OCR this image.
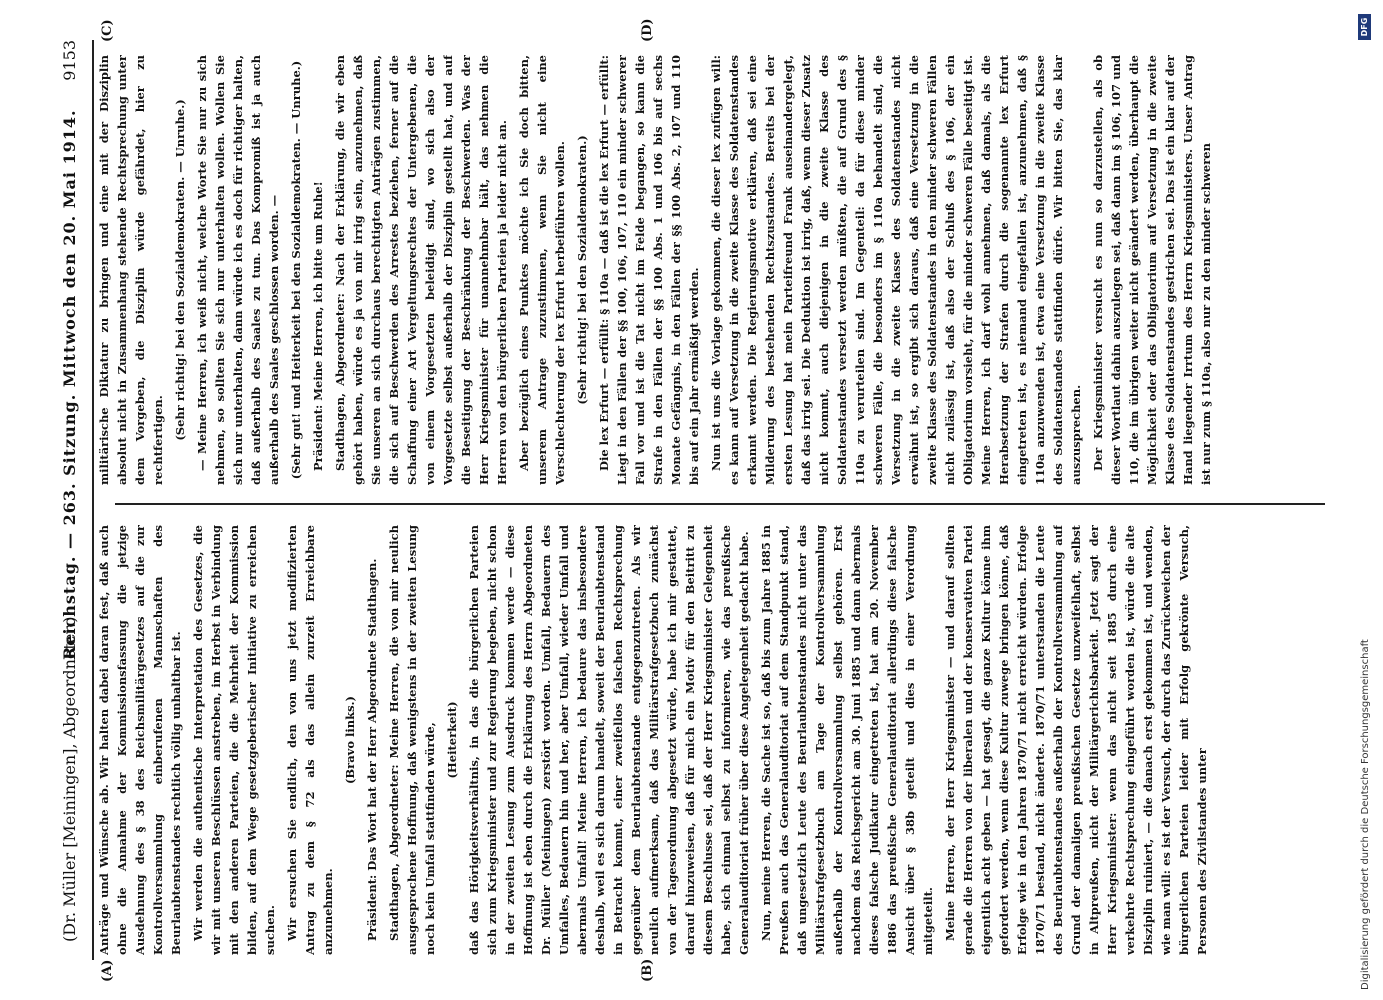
(Dr. Müller [Meiningen], Abgeordneter.)
Reichstag. — 263. Sitzung. Mittwoch den 20. Mai 1914.
9153
(A)	(B)
(C)	(D)

Anträge und Wünsche ab. Wir halten dabei daran fest, daß auch ohne die Annahme der Kommissionsfassung die jetzige Ausdehnung des § 38 des Reichsmilitärgesetzes auf die zur Kontrollversammlung einberufenen Mannschaften des Beurlaubtenstandes rechtlich völlig unhaltbar ist. Wir werden die authentische Interpretation des Gesetzes, die wir mit unseren Beschlüssen anstreben, im Herbst in Verbindung mit den anderen Parteien, die die Mehrheit der Kommission bilden, auf dem Wege gesetzgeberischer Initiative zu erreichen suchen. Wir ersuchen Sie endlich, den von uns jetzt modifizierten Antrag zu dem § 72 als das allein zurzeit Erreichbare anzunehmen.

(Bravo links.) Präsident: Das Wort hat der Herr Abgeordnete Stadthagen. Stadthagen, Abgeordneter: Meine Herren, die von mir neulich ausgesprochene Hoffnung, daß wenigstens in der zweiten Lesung noch kein Umfall stattfinden würde, (Heiterkeit) daß das Hörigkeitsverhältnis, in das die bürgerlichen Parteien sich zum Kriegsminister und zur Regierung begeben, nicht schon in der zweiten Lesung zum Ausdruck kommen werde — diese Hoffnung ist eben durch die Erklärung des Herrn Abgeordneten Dr. Müller (Meiningen) zerstört worden. Umfall, Bedauern des Umfalles, Bedauern hin und her, aber Umfall, wieder Umfall und abermals Umfall! Meine Herren, ich bedaure das insbesondere deshalb, weil es sich darum handelt, soweit der Beurlaubtenstand in Betracht kommt, einer zweifellos falschen Rechtsprechung gegenüber dem Beurlaubtenstande entgegenzutreten. Als wir neulich aufmerksam, daß das Militärstrafgesetzbuch zunächst von der Tagesordnung abgesetzt würde, habe ich mir gestattet, darauf hinzuweisen, daß für mich ein Motiv für den Beitritt zu diesem Beschlusse sei, daß der Herr Kriegsminister Gelegenheit habe, sich einmal selbst zu informieren, wie das preußische Generalauditoriat früher über diese Angelegenheit gedacht habe. Nun, meine Herren, die Sache ist so, daß bis zum Jahre 1885 in Preußen auch das Generalauditoriat auf dem Standpunkt stand, daß ungesetzlich Leute des Beurlaubtenstandes nicht unter das Militärstrafgesetzbuch am Tage der Kontrollversammlung außerhalb der Kontrollversammlung selbst gehören. Erst nachdem das Reichsgericht am 30. Juni 1885 und dann abermals dieses falsche Judikatur eingetreten ist, hat am 20. November 1886 das preußische Generalauditoriat allerdings diese falsche Ansicht über § 38b geteilt und dies in einer Verordnung mitgeteilt. Meine Herren, der Herr Kriegsminister — und darauf sollten gerade die Herren von der liberalen und der konservativen Partei eigentlich acht geben — hat gesagt, die ganze Kultur könne ihm gefordert werden, wenn diese Kultur zuwege bringen könne, daß Erfolge wie in den Jahren 1870/71 nicht erreicht würden. Erfolge 1870/71 bestand, nicht änderte. 1870/71 unterstanden die Leute des Beurlaubtenstandes außerhalb der Kontrollversammlung auf Grund der damaligen preußischen Gesetze unzweifelhaft, selbst in Altpreußen, nicht der Militärgerichtsbarkeit. Jetzt sagt der Herr Kriegsminister: wenn das nicht seit 1885 durch eine verkehrte Rechtsprechung eingeführt worden ist, würde die alte Disziplin ruiniert, — die danach erst gekommen ist, und wenden, wie man will: es ist der Versuch, der durch das Zurückweichen der bürgerlichen Parteien leider mit Erfolg gekrönte Versuch, Personen des Zivilstandes unter

militärische Diktatur zu bringen und eine mit der Disziplin absolut nicht in Zusammenhang stehende Rechtsprechung unter dem Vorgeben, die Disziplin würde gefährdet, hier zu rechtfertigen. (Sehr richtig! bei den Sozialdemokraten. — Unruhe.) — Meine Herren, ich weiß nicht, welche Worte Sie nur zu sich nehmen, so sollten Sie sich nur unterhalten wollen. Wollen Sie sich nur unterhalten, dann würde ich es doch für richtiger halten, daß außerhalb des Saales zu tun. Das Kompromiß ist ja auch außerhalb des Saales geschlossen worden. — (Sehr gut! und Heiterkeit bei den Sozialdemokraten. — Unruhe.) Präsident: Meine Herren, ich bitte um Ruhe! Stadthagen, Abgeordneter: Nach der Erklärung, die wir eben gehört haben, würde es ja von mir irrig sein, anzunehmen, daß Sie unseren an sich durchaus berechtigten Anträgen zustimmen, die sich auf Beschwerden des Arrestes beziehen, ferner auf die Schaffung einer Art Vergeltungsrechtes der Untergebenen, die von einem Vorgesetzten beleidigt sind, wo sich also der Vorgesetzte selbst außerhalb der Disziplin gestellt hat, und auf die Beseitigung der Beschränkung der Beschwerden. Was der Herr Kriegsminister für unannehmbar hält, das nehmen die Herren von den bürgerlichen Parteien ja leider nicht an. Aber bezüglich eines Punktes möchte ich Sie doch bitten, unserem Antrage zuzustimmen, wenn Sie nicht eine Verschlechterung der lex Erfurt herbeiführen wollen. (Sehr richtig! bei den Sozialdemokraten.) Die lex Erfurt — erfüllt: § 110a — daß ist die lex Erfurt — erfüllt: Liegt in den Fällen der §§ 100, 106, 107, 110 ein minder schwerer Fall vor und ist die Tat nicht im Felde begangen, so kann die Strafe in den Fällen der §§ 100 Abs. 1 und 106 bis auf sechs Monate Gefängnis, in den Fällen der §§ 100 Abs. 2, 107 und 110 bis auf ein Jahr ermäßigt werden. Nun ist uns die Vorlage gekommen, die dieser lex zufügen will: es kann auf Versetzung in die zweite Klasse des Soldatenstandes erkannt werden. Die Regierungsmotive erklären, daß sei eine Milderung des bestehenden Rechtszustandes. Bereits bei der ersten Lesung hat mein Parteifreund Frank auseinandergelegt, daß das irrig sei. Die Deduktion ist irrig, daß, wenn dieser Zusatz nicht kommt, auch diejenigen in die zweite Klasse des Soldatenstandes versetzt werden müßten, die auf Grund des § 110a zu verurteilen sind. Im Gegenteil: da für diese minder schweren Fälle, die besonders im § 110a behandelt sind, die Versetzung in die zweite Klasse des Soldatenstandes nicht erwähnt ist, so ergibt sich daraus, daß eine Versetzung in die zweite Klasse des Soldatenstandes in den minder schweren Fällen nicht zulässig ist, daß also der Schluß des § 106, der ein Obligatorium vorsieht, für die minder schweren Fälle beseitigt ist. Meine Herren, ich darf wohl annehmen, daß damals, als die Herabsetzung der Strafen durch die sogenannte lex Erfurt eingetreten ist, es niemand eingefallen ist, anzunehmen, daß § 110a anzuwenden ist, etwa eine Versetzung in die zweite Klasse des Soldatenstandes stattfinden dürfe. Wir bitten Sie, das klar auszusprechen. Der Kriegsminister versucht es nun so darzustellen, als ob dieser Wortlaut dahin auszulegen sei, daß dann im § 106, 107 und 110, die im übrigen weiter nicht geändert werden, überhaupt die Möglichkeit oder das Obligatorium auf Versetzung in die zweite Klasse des Soldatenstandes gestrichen sei. Das ist ein klar auf der Hand liegender Irrtum des Herrn Kriegsministers. Unser Antrag ist nur zum § 110a, also nur zu den minder schweren

Digitalisierung gefördert durch die Deutsche Forschungsgemeinschaft
DFG
